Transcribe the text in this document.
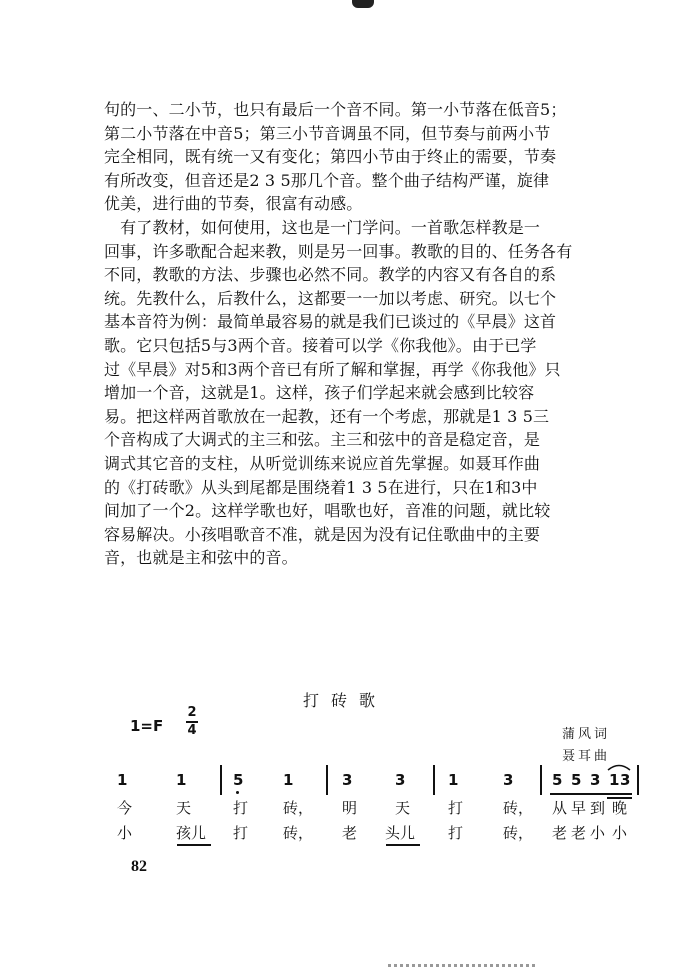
句的一、二小节，也只有最后一个音不同。第一小节落在低音5；
第二小节落在中音5；第三小节音调虽不同，但节奏与前两小节
完全相同，既有统一又有变化；第四小节由于终止的需要，节奏
有所改变，但音还是2 3 5那几个音。整个曲子结构严谨，旋律
优美，进行曲的节奏，很富有动感。
　有了教材，如何使用，这也是一门学问。一首歌怎样教是一
回事，许多歌配合起来教，则是另一回事。教歌的目的、任务各有
不同，教歌的方法、步骤也必然不同。教学的内容又有各自的系
统。先教什么，后教什么，这都要一一加以考虑、研究。以七个
基本音符为例：最简单最容易的就是我们已谈过的《早晨》这首
歌。它只包括5与3两个音。接着可以学《你我他》。由于已学
过《早晨》对5和3两个音已有所了解和掌握，再学《你我他》只
增加一个音，这就是1。这样，孩子们学起来就会感到比较容
易。把这样两首歌放在一起教，还有一个考虑，那就是1 3 5三
个音构成了大调式的主三和弦。主三和弦中的音是稳定音，是
调式其它音的支柱，从听觉训练来说应首先掌握。如聂耳作曲
的《打砖歌》从头到尾都是围绕着1 3 5在进行，只在1和3中
间加了一个2。这样学歌也好，唱歌也好，音准的问题，就比较
容易解决。小孩唱歌音不准，就是因为没有记住歌曲中的主要
音，也就是主和弦中的音。
打砖歌
1=F
2
4	蒲风词
聂耳曲
1	1	5	1	3	3	1	3	5 5 3 1 3
今	天	打 砖， 明	天	打	砖， 从 早 到 晚
小	孩儿 打 砖， 老 头儿 打	砖， 老 老 小 小
82
